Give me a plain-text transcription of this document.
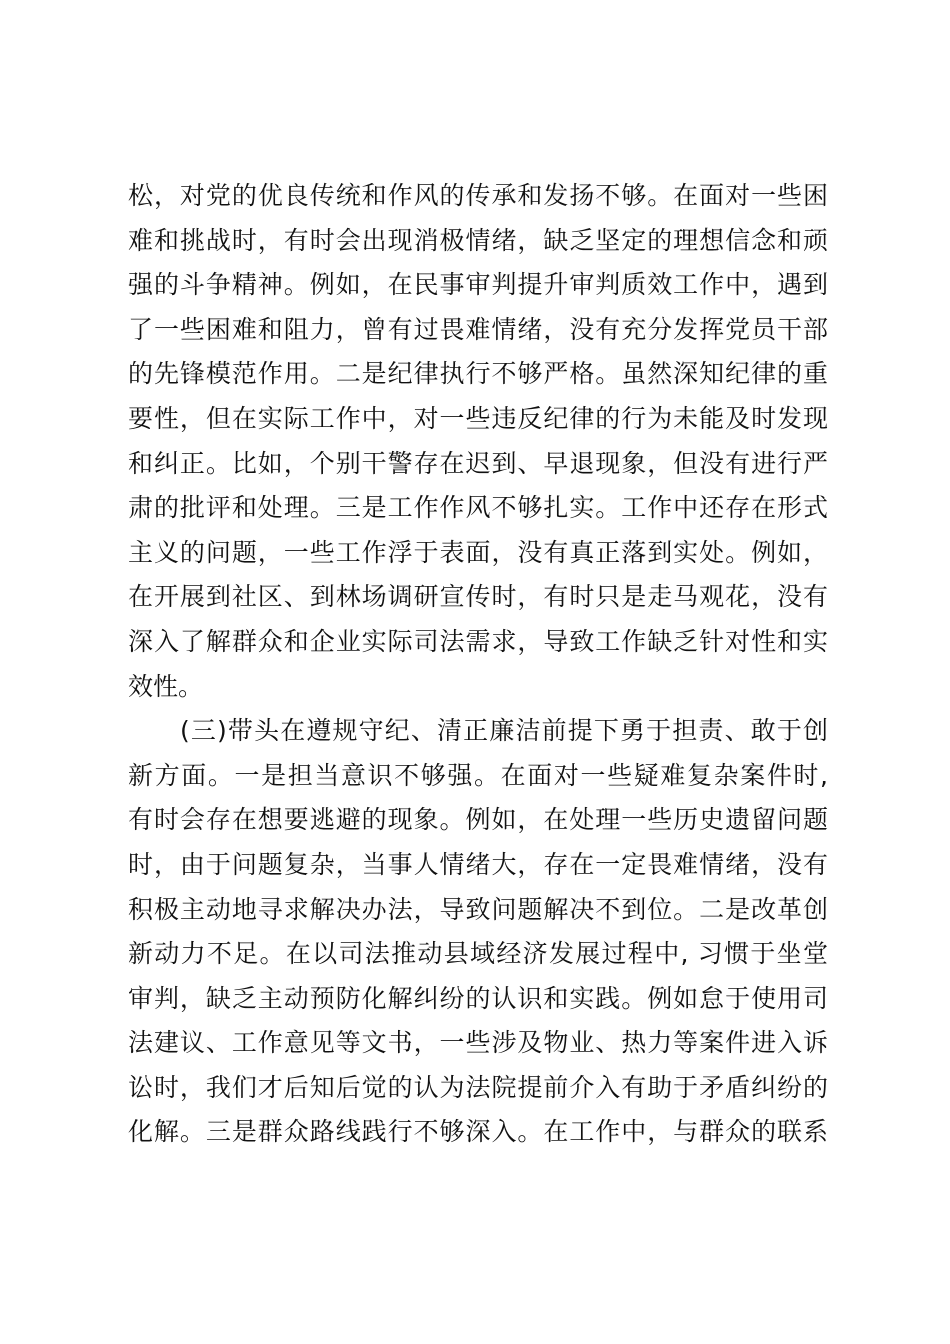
松，对党的优良传统和作风的传承和发扬不够。在面对一些困
难和挑战时，有时会出现消极情绪，缺乏坚定的理想信念和顽
强的斗争精神。例如，在民事审判提升审判质效工作中，遇到
了一些困难和阻力，曾有过畏难情绪，没有充分发挥党员干部
的先锋模范作用。二是纪律执行不够严格。虽然深知纪律的重
要性，但在实际工作中，对一些违反纪律的行为未能及时发现
和纠正。比如，个别干警存在迟到、早退现象，但没有进行严
肃的批评和处理。三是工作作风不够扎实。工作中还存在形式
主义的问题，一些工作浮于表面，没有真正落到实处。例如，
在开展到社区、到林场调研宣传时，有时只是走马观花，没有
深入了解群众和企业实际司法需求，导致工作缺乏针对性和实
效性。
(三)带头在遵规守纪、清正廉洁前提下勇于担责、敢于创
新方面。一是担当意识不够强。在面对一些疑难复杂案件时,
有时会存在想要逃避的现象。例如，在处理一些历史遗留问题
时，由于问题复杂，当事人情绪大，存在一定畏难情绪，没有
积极主动地寻求解决办法，导致问题解决不到位。二是改革创
新动力不足。在以司法推动县域经济发展过程中, 习惯于坐堂
审判，缺乏主动预防化解纠纷的认识和实践。例如怠于使用司
法建议、工作意见等文书，一些涉及物业、热力等案件进入诉
讼时，我们才后知后觉的认为法院提前介入有助于矛盾纠纷的
化解。三是群众路线践行不够深入。在工作中，与群众的联系
